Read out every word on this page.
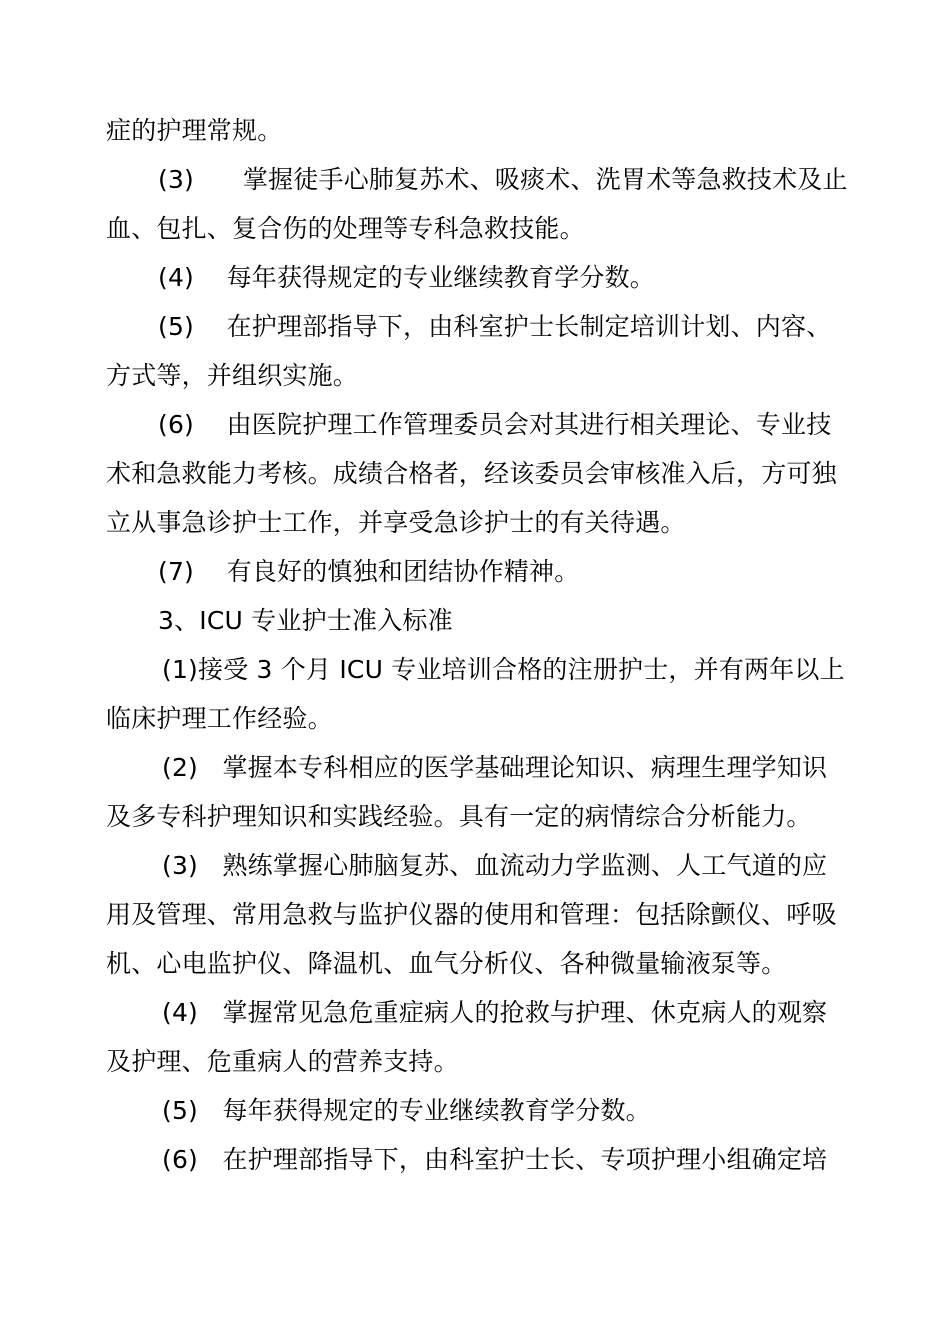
症的护理常规。
(3)      掌握徒手心肺复苏术、吸痰术、洗胃术等急救技术及止
血、包扎、复合伤的处理等专科急救技能。
(4)    每年获得规定的专业继续教育学分数。
(5)    在护理部指导下，由科室护士长制定培训计划、内容、
方式等，并组织实施。
(6)    由医院护理工作管理委员会对其进行相关理论、专业技
术和急救能力考核。成绩合格者，经该委员会审核准入后，方可独
立从事急诊护士工作，并享受急诊护士的有关待遇。
(7)    有良好的慎独和团结协作精神。
3、ICU 专业护士准入标准
(1)接受 3 个月 ICU 专业培训合格的注册护士，并有两年以上
临床护理工作经验。
(2)   掌握本专科相应的医学基础理论知识、病理生理学知识
及多专科护理知识和实践经验。具有一定的病情综合分析能力。
(3)   熟练掌握心肺脑复苏、血流动力学监测、人工气道的应
用及管理、常用急救与监护仪器的使用和管理：包括除颤仪、呼吸
机、心电监护仪、降温机、血气分析仪、各种微量输液泵等。
(4)   掌握常见急危重症病人的抢救与护理、休克病人的观察
及护理、危重病人的营养支持。
(5)   每年获得规定的专业继续教育学分数。
(6)   在护理部指导下，由科室护士长、专项护理小组确定培
